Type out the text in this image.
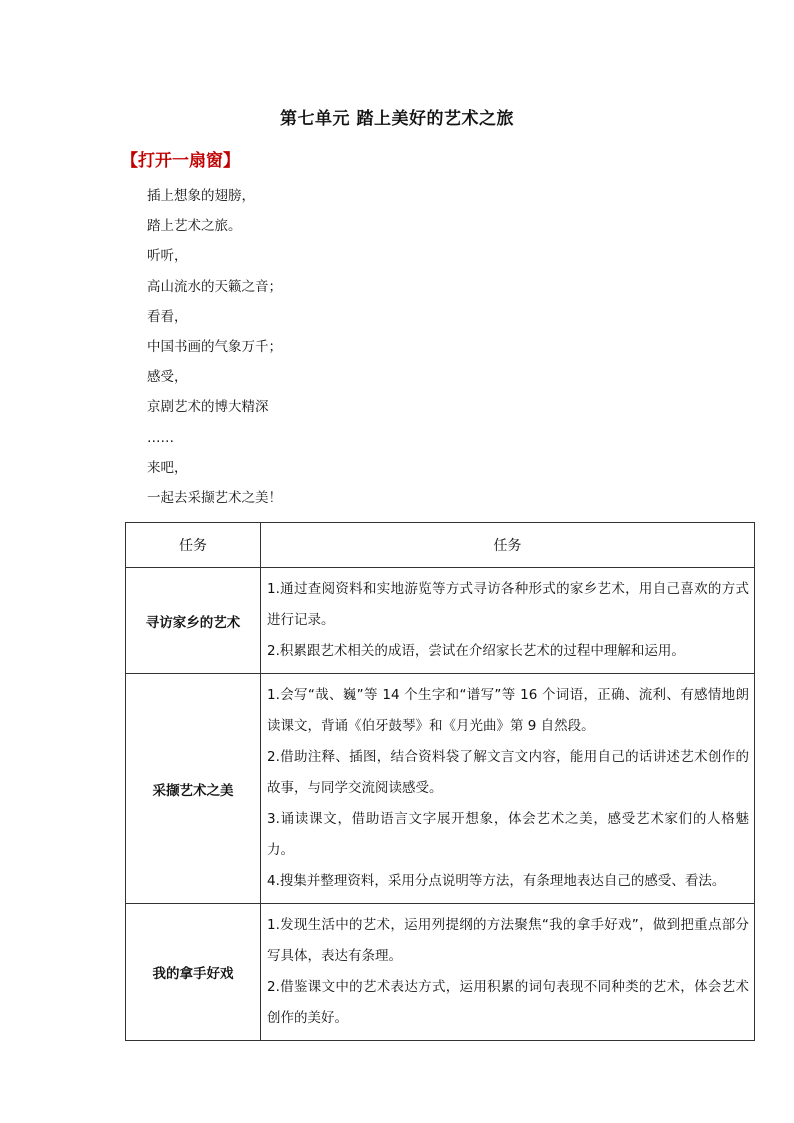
第七单元 踏上美好的艺术之旅
【打开一扇窗】
插上想象的翅膀，
踏上艺术之旅。
听听，
高山流水的天籁之音；
看看，
中国书画的气象万千；
感受，
京剧艺术的博大精深
……
来吧，
一起去采撷艺术之美！
任务	任务
寻访家乡的艺术	1.通过查阅资料和实地游览等方式寻访各种形式的家乡艺术，用自己喜欢的方式进行记录。

2.积累跟艺术相关的成语，尝试在介绍家长艺术的过程中理解和运用。

采撷艺术之美	1.会写“哉、巍”等 14 个生字和“谱写”等 16 个词语，正确、流利、有感情地朗读课文，背诵《伯牙鼓琴》和《月光曲》第 9 自然段。

2.借助注释、插图，结合资料袋了解文言文内容，能用自己的话讲述艺术创作的故事，与同学交流阅读感受。

3.诵读课文，借助语言文字展开想象，体会艺术之美，感受艺术家们的人格魅力。

4.搜集并整理资料，采用分点说明等方法，有条理地表达自己的感受、看法。

我的拿手好戏	1.发现生活中的艺术，运用列提纲的方法聚焦“我的拿手好戏”，做到把重点部分写具体，表达有条理。

2.借鉴课文中的艺术表达方式，运用积累的词句表现不同种类的艺术，体会艺术创作的美好。
